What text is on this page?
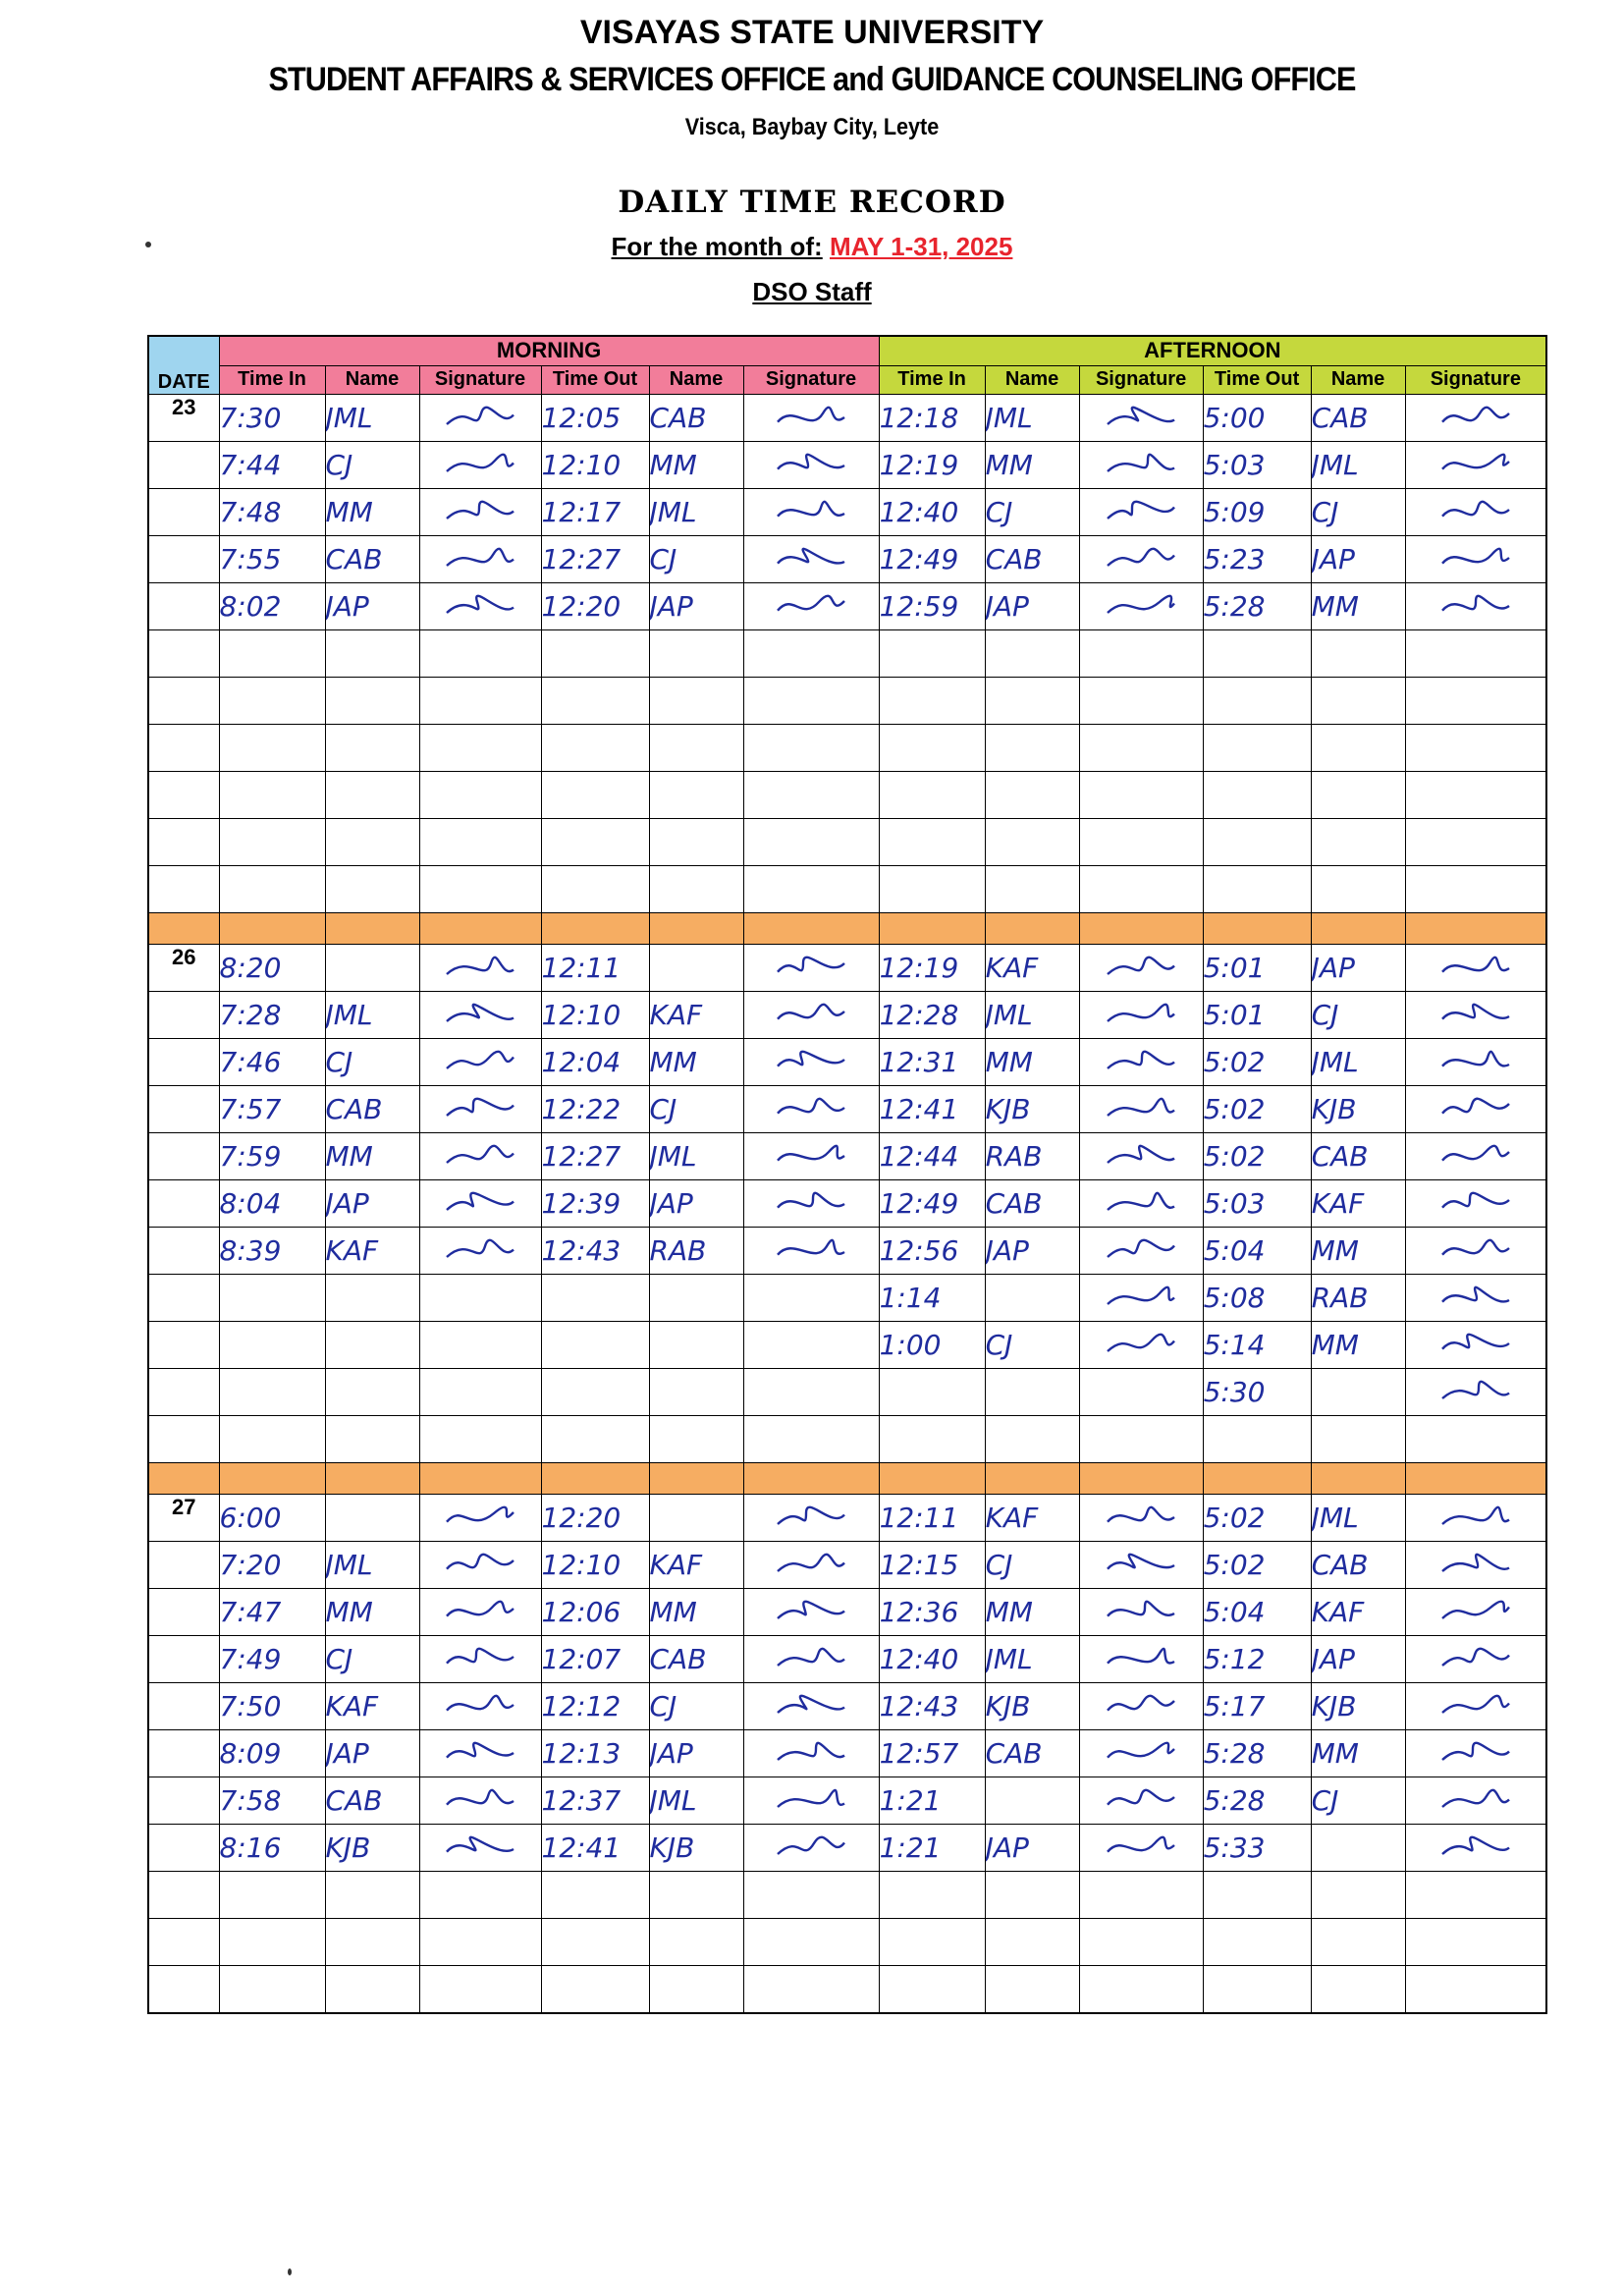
VISAYAS STATE UNIVERSITY
STUDENT AFFAIRS & SERVICES OFFICE and GUIDANCE COUNSELING OFFICE
Visca, Baybay City, Leyte
DAILY TIME RECORD
For the month of: MAY 1-31, 2025
DSO Staff
DATE	MORNING						AFTERNOON					
	Time In	Name	Signature	Time Out	Name	Signature	Time In	Name	Signature	Time Out	Name	Signature
23	7:30	JML		12:05	CAB		12:18	JML		5:00	CAB	

	7:44	CJ		12:10	MM		12:19	MM		5:03	JML	

	7:48	MM		12:17	JML		12:40	CJ		5:09	CJ	

	7:55	CAB		12:27	CJ		12:49	CAB		5:23	JAP	

	8:02	JAP		12:20	JAP		12:59	JAP		5:28	MM	

26	8:20			12:11			12:19	KAF		5:01	JAP	

	7:28	JML		12:10	KAF		12:28	JML		5:01	CJ	

	7:46	CJ		12:04	MM		12:31	MM		5:02	JML	

	7:57	CAB		12:22	CJ		12:41	KJB		5:02	KJB	

	7:59	MM		12:27	JML		12:44	RAB		5:02	CAB	

	8:04	JAP		12:39	JAP		12:49	CAB		5:03	KAF	

	8:39	KAF		12:43	RAB		12:56	JAP		5:04	MM	

							1:14			5:08	RAB	

							1:00	CJ		5:14	MM	

										5:30		

27	6:00			12:20			12:11	KAF		5:02	JML	

	7:20	JML		12:10	KAF		12:15	CJ		5:02	CAB	

	7:47	MM		12:06	MM		12:36	MM		5:04	KAF	

	7:49	CJ		12:07	CAB		12:40	JML		5:12	JAP	

	7:50	KAF		12:12	CJ		12:43	KJB		5:17	KJB	

	8:09	JAP		12:13	JAP		12:57	CAB		5:28	MM	

	7:58	CAB		12:37	JML		1:21			5:28	CJ	

	8:16	KJB		12:41	KJB		1:21	JAP		5:33		
